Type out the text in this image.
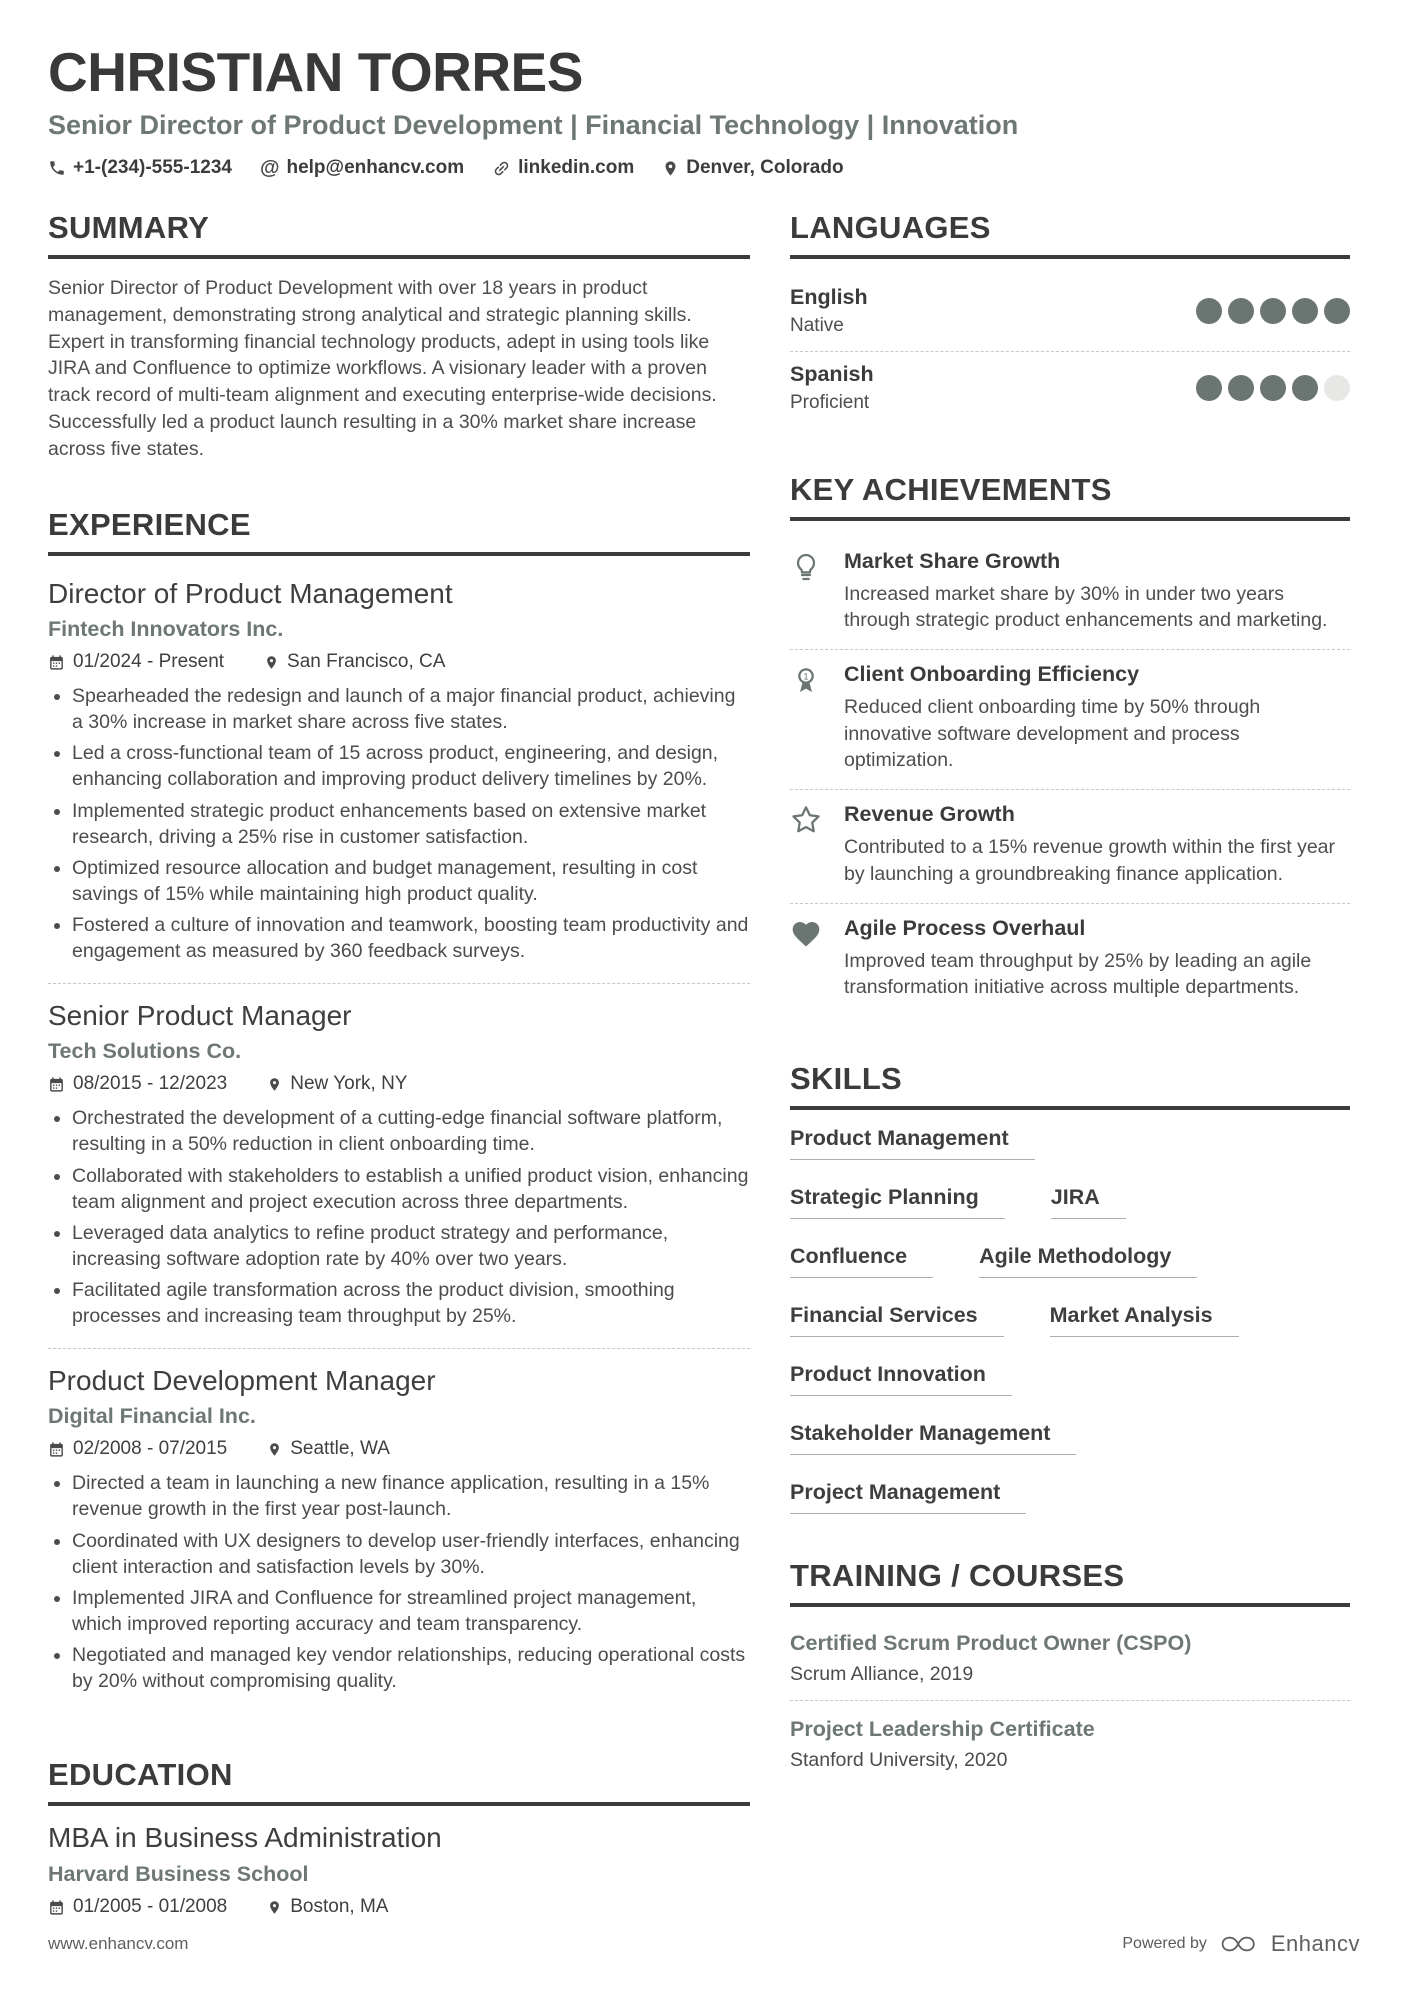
CHRISTIAN TORRES
Senior Director of Product Development | Financial Technology | Innovation
+1-(234)-555-1234 @ help@enhancv.com	linkedin.com	Denver, Colorado
SUMMARY

Senior Director of Product Development with over 18 years in product management, demonstrating strong analytical and strategic planning skills. Expert in transforming financial technology products, adept in using tools like JIRA and Confluence to optimize workflows. A visionary leader with a proven track record of multi-team alignment and executing enterprise-wide decisions. Successfully led a product launch resulting in a 30% market share increase across five states.

EXPERIENCE
Director of Product Management
Fintech Innovators Inc.
01/2024 - Present	San Francisco, CA
• Spearheaded the redesign and launch of a major financial product, achieving a 30% increase in market share across five states.
• Led a cross-functional team of 15 across product, engineering, and design, enhancing collaboration and improving product delivery timelines by 20%.
• Implemented strategic product enhancements based on extensive market research, driving a 25% rise in customer satisfaction.
• Optimized resource allocation and budget management, resulting in cost savings of 15% while maintaining high product quality.
• Fostered a culture of innovation and teamwork, boosting team productivity and engagement as measured by 360 feedback surveys.
Senior Product Manager
Tech Solutions Co.
08/2015 - 12/2023	New York, NY
• Orchestrated the development of a cutting-edge financial software platform, resulting in a 50% reduction in client onboarding time.
• Collaborated with stakeholders to establish a unified product vision, enhancing team alignment and project execution across three departments.
• Leveraged data analytics to refine product strategy and performance, increasing software adoption rate by 40% over two years.
• Facilitated agile transformation across the product division, smoothing processes and increasing team throughput by 25%.
Product Development Manager
Digital Financial Inc.
02/2008 - 07/2015	Seattle, WA
• Directed a team in launching a new finance application, resulting in a 15% revenue growth in the first year post-launch.
• Coordinated with UX designers to develop user-friendly interfaces, enhancing client interaction and satisfaction levels by 30%.
• Implemented JIRA and Confluence for streamlined project management, which improved reporting accuracy and team transparency.
• Negotiated and managed key vendor relationships, reducing operational costs by 20% without compromising quality.
EDUCATION
MBA in Business Administration
Harvard Business School
01/2005 - 01/2008	Boston, MA
LANGUAGES
English
Native
Spanish
Proficient
KEY ACHIEVEMENTS
Market Share Growth
Increased market share by 30% in under two years through strategic product enhancements and marketing.
1 Client Onboarding Efficiency
Reduced client onboarding time by 50% through innovative software development and process optimization.
Revenue Growth
Contributed to a 15% revenue growth within the first year by launching a groundbreaking finance application.
Agile Process Overhaul
Improved team throughput by 25% by leading an agile transformation initiative across multiple departments.
SKILLS
Product Management
Strategic Planning	JIRA
Confluence	Agile Methodology
Financial Services	Market Analysis
Product Innovation
Stakeholder Management
Project Management
TRAINING / COURSES
Certified Scrum Product Owner (CSPO)
Scrum Alliance, 2019
Project Leadership Certificate
Stanford University, 2020
www.enhancv.com	Powered by	Enhancv
